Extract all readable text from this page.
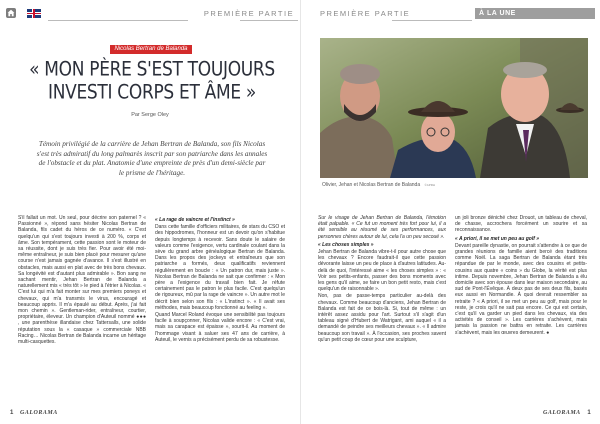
PREMIÈRE PARTIE	PREMIÈRE PARTIE	À LA UNE
Nicolas Bertran de Balanda
« MON PÈRE S'EST TOUJOURS INVESTI CORPS ET ÂME »
Par Serge Oley
Témoin privilégié de la carrière de Jehan Bertran de Balanda, son fils Nicolas s'est très admiratif du long palmarès inscrit par son patriarche dans les annales de l'obstacle et du plat. Anatomie d'une empreinte de près d'un demi-siècle par le prisme de l'héritage.

S'il fallait un mot. Un seul, pour décrire son paternel ? « Passionné », répond sans hésiter Nicolas Bertran de Balanda, fils cadet du héros de ce numéro. « C'est quelqu'un qui s'est toujours investi à 200 %, corps et âme. Son tempérament, cette passion sont le moteur de sa réussite, dont je suis très fier. Pour avoir été moi-même entraîneur, je suis bien placé pour mesurer qu'une course n'est jamais gagnée d'avance. Il s'est illustré en obstacles, mais aussi en plat avec de très bons chevaux. Sa longévité est d'autant plus admirable ». Bon sang ne sachant mentir, Jehan Bertran de Balanda a naturellement mis « très tôt » le pied à l'étrier à Nicolas. « C'est lui qui m'a fait monter sur mes premiers poneys et chevaux, qui m'a transmis le virus, encouragé et beaucoup appris. Il m'a épaulé au début. Après, j'ai fait mon chemin ». Gentleman-rider, entraîneur, courtier, propriétaire, éleveur. Un champion d'Auteuil nommé ●●● , une parenthèse illandaise chez Tattersalls, une solide réputation sous la « casaque » commerciale NBB Racing… Nicolas Bertran de Balanda incarne un héritage multi-casquettes.

« La rage de vaincre et l'instinct »

Dans cette famille d'officiers militaires, de stars du CSO et des hippodromes, l'honneur est un devoir qu'on s'habitue depuis longtemps à recevoir. Sans doute le salaire de valeurs comme l'exigence, vertu cardinale coulant dans la sève du grand arbre généalogique Bertran de Balanda. Dans les propos des jockeys et entraîneurs que son patriarche a formés, deux qualificatifs reviennent régulièrement en boucle : « Un patron dur, mais juste ». Nicolas Bertran de Balanda ne sait que confirmer : « Mon père a l'exigence du travail bien fait. Je réfute certainement pas le patron le plus facile. C'est quelqu'un de rigoureux, mû par la rage de vaincre ». Un autre mot le décrit bien selon son fils : « L'instinct ». « Il avait ses méthodes, mais beaucoup fonctionné au feeling ».

Quand Marcel Roland évoque une sensibilité pas toujours facile à soupçonner, Nicolas valide encore : « C'est vrai, mais sa carapace est épaisse », sourit-il. Au moment de l'hommage visant à saluer ses 47 ans de carrière, à Auteuil, le vernis a précisément perdu de sa robustesse.

Sur le visage de Jehan Bertran de Balanda, l'émotion était palpable. « Ce fut un moment très fort pour lui, il a été sensible au résumé de ses performances, aux personnes chères autour de lui, cela l'a un peu secoué ».

« Les choses simples »

Jehan Bertran de Balanda vibre-t-il pour autre chose que les chevaux ? Encore faudrait-il que cette passion dévorante laisse un peu de place à d'autres latitudes. Au-delà de quoi, l'intéressé aime « les choses simples » : « Voir ses petits-enfants, passer des bons moments avec les gens qu'il aime, se faire un bon petit resto, mais c'est quelqu'un de raisonnable ».

Non, pas de passe-temps particulier au-delà des chevaux. Comme beaucoup d'anciens, Jehan Bertran de Balanda est fait de ce bois-là. Si, tout de même : un intérêt assez assidu pour l'art. Surtout s'il s'agit d'un tableau signé d'Hubert de Watrigant, ami auquel « il a demandé de peindre ses meilleurs chevaux ». « Il admire beaucoup son travail ». À l'occasion, ses proches savent qu'un petit coup de cœur pour une sculpture,

un joli bronze déniché chez Drouot, un tableau de cheval, de chasse, accrochera forcément un sourire et sa reconnaissance.

« A priori, il se met un peu au golf »

Devant pareille dynastie, on pourrait s'attendre à ce que de grandes réunions de famille aient bercé des traditions comme Noël. La saga Bertran de Balanda étant très répandue de par le monde, avec des cousins et petits-cousins aux quatre « coins » du Globe, la vérité est plus intime. Depuis novembre, Jehan Bertran de Balanda a élu domicile avec son épouse dans leur maison secondaire, au sud de Pont-l'Évêque. À deux pas de ses deux fils, basés eux aussi en Normandie. À quoi devrait ressembler sa retraite ? « A priori, il se met un peu au golf, mais pour le reste, je crois qu'il ne sait pas encore. Ce qui est certain, c'est qu'il va garder un pied dans les chevaux, via des activités de conseil ». Les carrières s'achèvent, mais jamais la passion ne battra en retraite. Les carrières s'achèvent, mais les œuvres demeurent. ●

Olivier, Jehan et Nicolas Bertran de Balanda ©APRH
1 GALORAMA	GALORAMA 1
